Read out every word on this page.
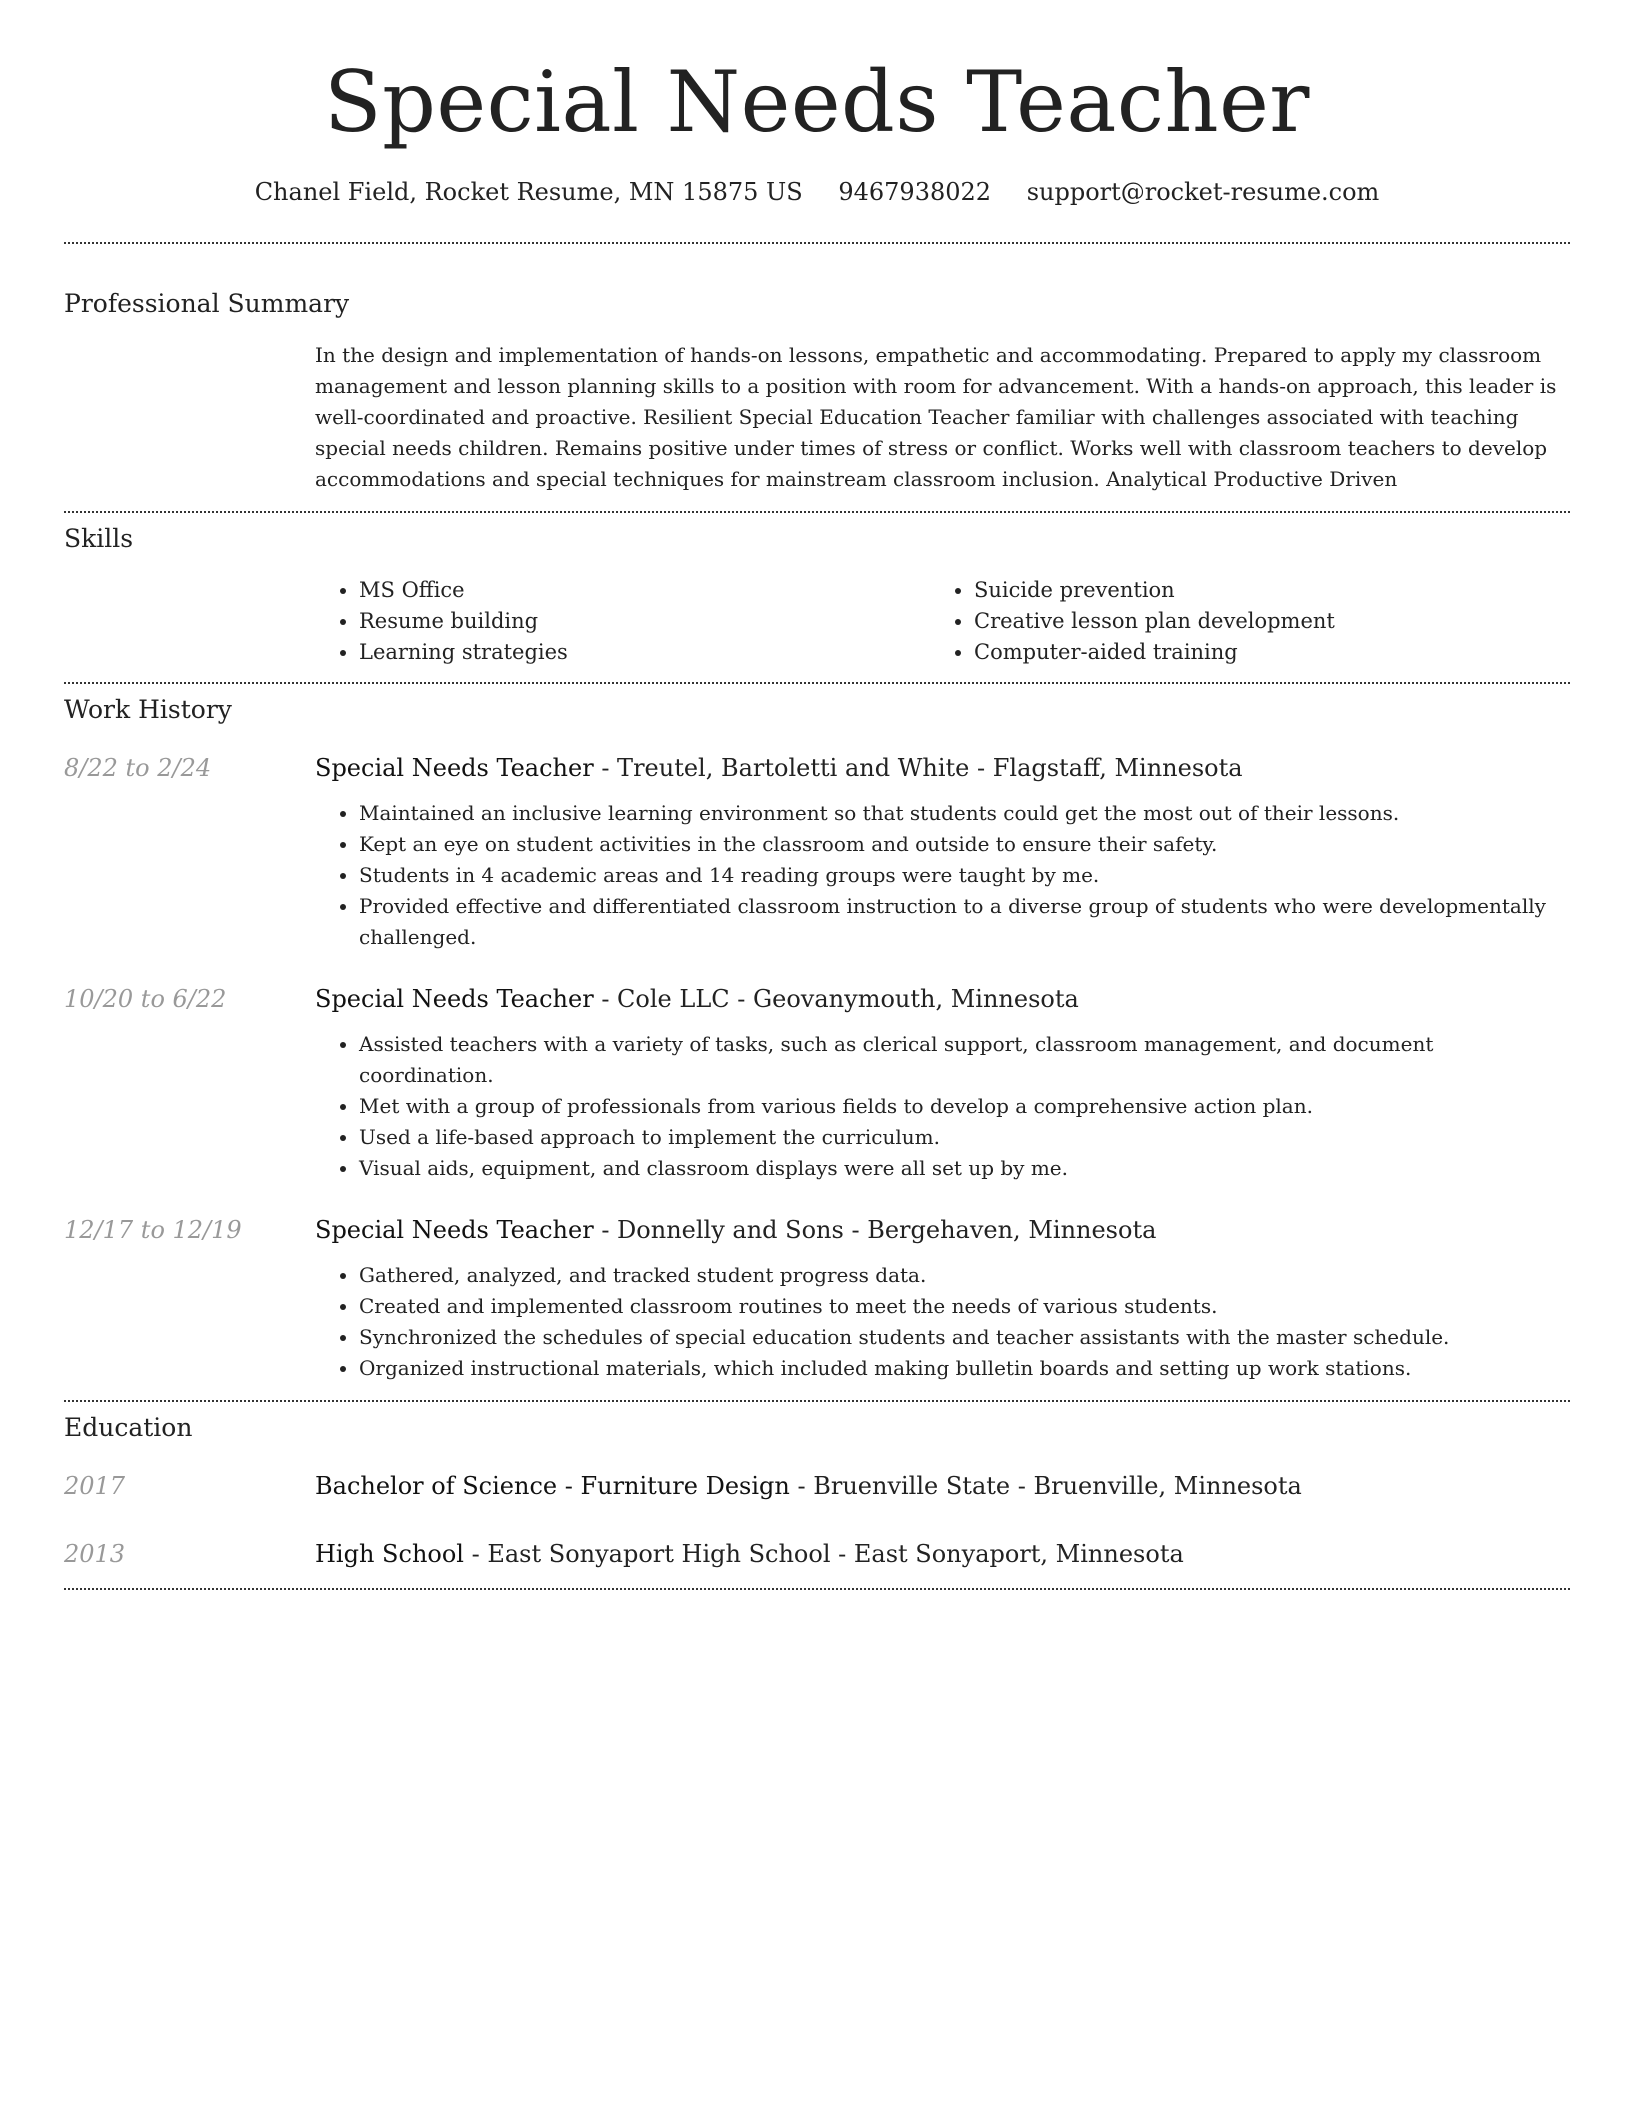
Special Needs Teacher
Chanel Field, Rocket Resume, MN 15875 US 9467938022 support@rocket-resume.com
Professional Summary

In the design and implementation of hands-on lessons, empathetic and accommodating. Prepared to apply my classroom management and lesson planning skills to a position with room for advancement. With a hands-on approach, this leader is well-coordinated and proactive. Resilient Special Education Teacher familiar with challenges associated with teaching special needs children. Remains positive under times of stress or conflict. Works well with classroom teachers to develop accommodations and special techniques for mainstream classroom inclusion. Analytical Productive Driven

Skills
• MS Office
• Resume building
• Learning strategies
• Suicide prevention
• Creative lesson plan development
• Computer-aided training
Work History
8/22 to 2/24	Special Needs Teacher - Treutel, Bartoletti and White - Flagstaff, Minnesota

• Maintained an inclusive learning environment so that students could get the most out of their lessons.
• Kept an eye on student activities in the classroom and outside to ensure their safety.
• Students in 4 academic areas and 14 reading groups were taught by me.
• Provided effective and differentiated classroom instruction to a diverse group of students who were developmentally challenged.
10/20 to 6/22	Special Needs Teacher - Cole LLC - Geovanymouth, Minnesota

• Assisted teachers with a variety of tasks, such as clerical support, classroom management, and document coordination.
• Met with a group of professionals from various fields to develop a comprehensive action plan.
• Used a life-based approach to implement the curriculum.
• Visual aids, equipment, and classroom displays were all set up by me.
12/17 to 12/19	Special Needs Teacher - Donnelly and Sons - Bergehaven, Minnesota

• Gathered, analyzed, and tracked student progress data.
• Created and implemented classroom routines to meet the needs of various students.
• Synchronized the schedules of special education students and teacher assistants with the master schedule.
• Organized instructional materials, which included making bulletin boards and setting up work stations.
Education
2017	Bachelor of Science - Furniture Design - Bruenville State - Bruenville, Minnesota

2013	High School - East Sonyaport High School - East Sonyaport, Minnesota
